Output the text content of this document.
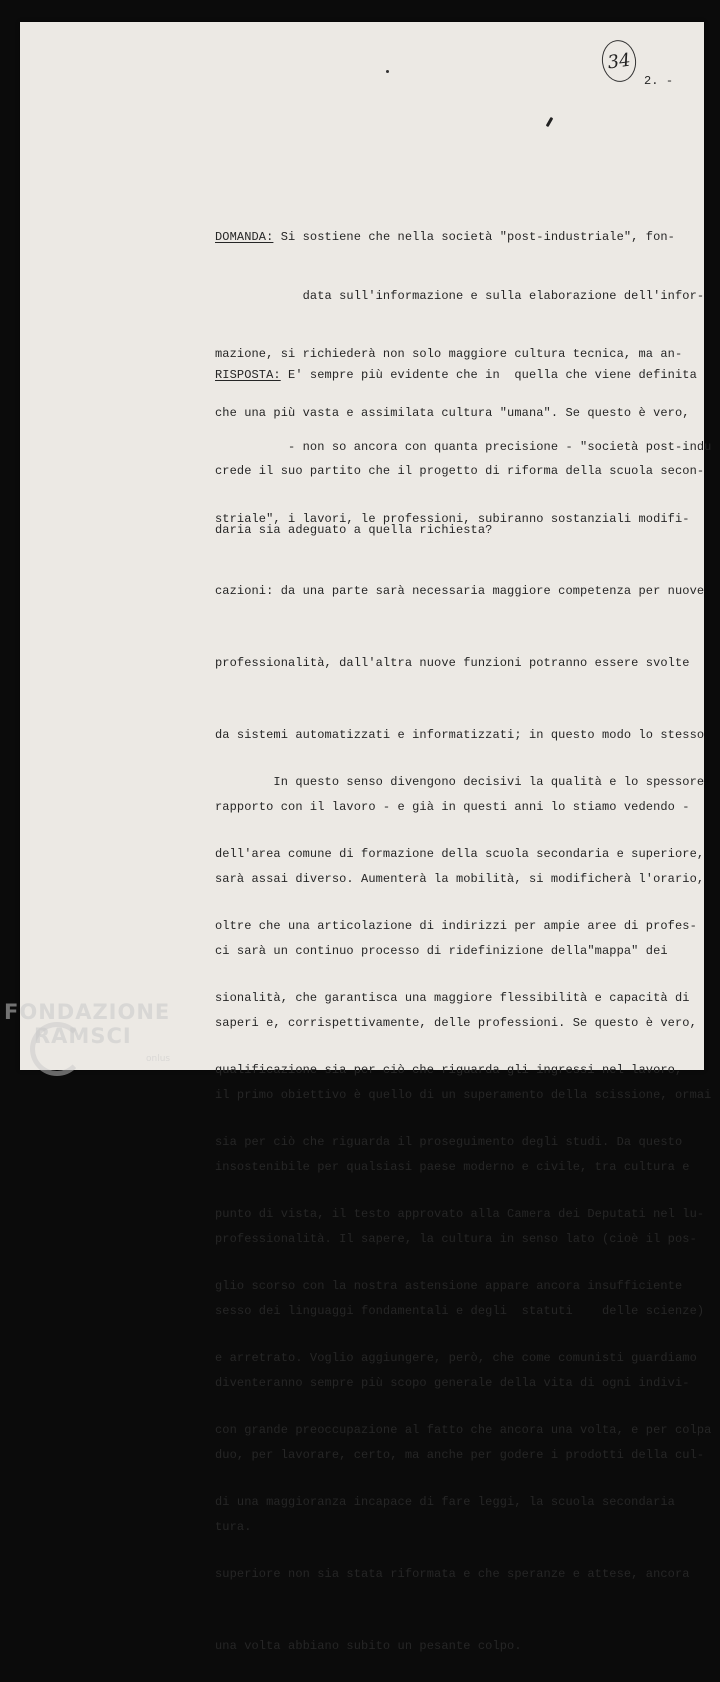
34
2. -

DOMANDA: Si sostiene che nella società "post-industriale", fon-

data sull'informazione e sulla elaborazione dell'infor-

mazione, si richiederà non solo maggiore cultura tecnica, ma an-

che una più vasta e assimilata cultura "umana". Se questo è vero,

crede il suo partito che il progetto di riforma della scuola secon-

daria sia adeguato a quella richiesta?

RISPOSTA: E' sempre più evidente che in  quella che viene definita

- non so ancora con quanta precisione - "società post-indu

striale", i lavori, le professioni, subiranno sostanziali modifi-

cazioni: da una parte sarà necessaria maggiore competenza per nuove

professionalità, dall'altra nuove funzioni potranno essere svolte

da sistemi automatizzati e informatizzati; in questo modo lo stesso

rapporto con il lavoro - e già in questi anni lo stiamo vedendo -

sarà assai diverso. Aumenterà la mobilità, si modificherà l'orario,

ci sarà un continuo processo di ridefinizione della"mappa" dei

saperi e, corrispettivamente, delle professioni. Se questo è vero,

il primo obiettivo è quello di un superamento della scissione, ormai

insostenibile per qualsiasi paese moderno e civile, tra cultura e

professionalità. Il sapere, la cultura in senso lato (cioè il pos-

sesso dei linguaggi fondamentali e degli  statuti    delle scienze)

diventeranno sempre più scopo generale della vita di ogni indivi-

duo, per lavorare, certo, ma anche per godere i prodotti della cul-

tura.

In questo senso divengono decisivi la qualità e lo spessore

dell'area comune di formazione della scuola secondaria e superiore,

oltre che una articolazione di indirizzi per ampie aree di profes-

sionalità, che garantisca una maggiore flessibilità e capacità di

qualificazione sia per ciò che riguarda gli ingressi nel lavoro,

sia per ciò che riguarda il proseguimento degli studi. Da questo

punto di vista, il testo approvato alla Camera dei Deputati nel lu-

glio scorso con la nostra astensione appare ancora insufficiente

e arretrato. Voglio aggiungere, però, che come comunisti guardiamo

con grande preoccupazione al fatto che ancora una volta, e per colpa

di una maggioranza incapace di fare leggi, la scuola secondaria

superiore non sia stata riformata e che speranze e attese, ancora

una volta abbiano subito un pesante colpo.

FONDAZIONE
RAMSCI
onlus
